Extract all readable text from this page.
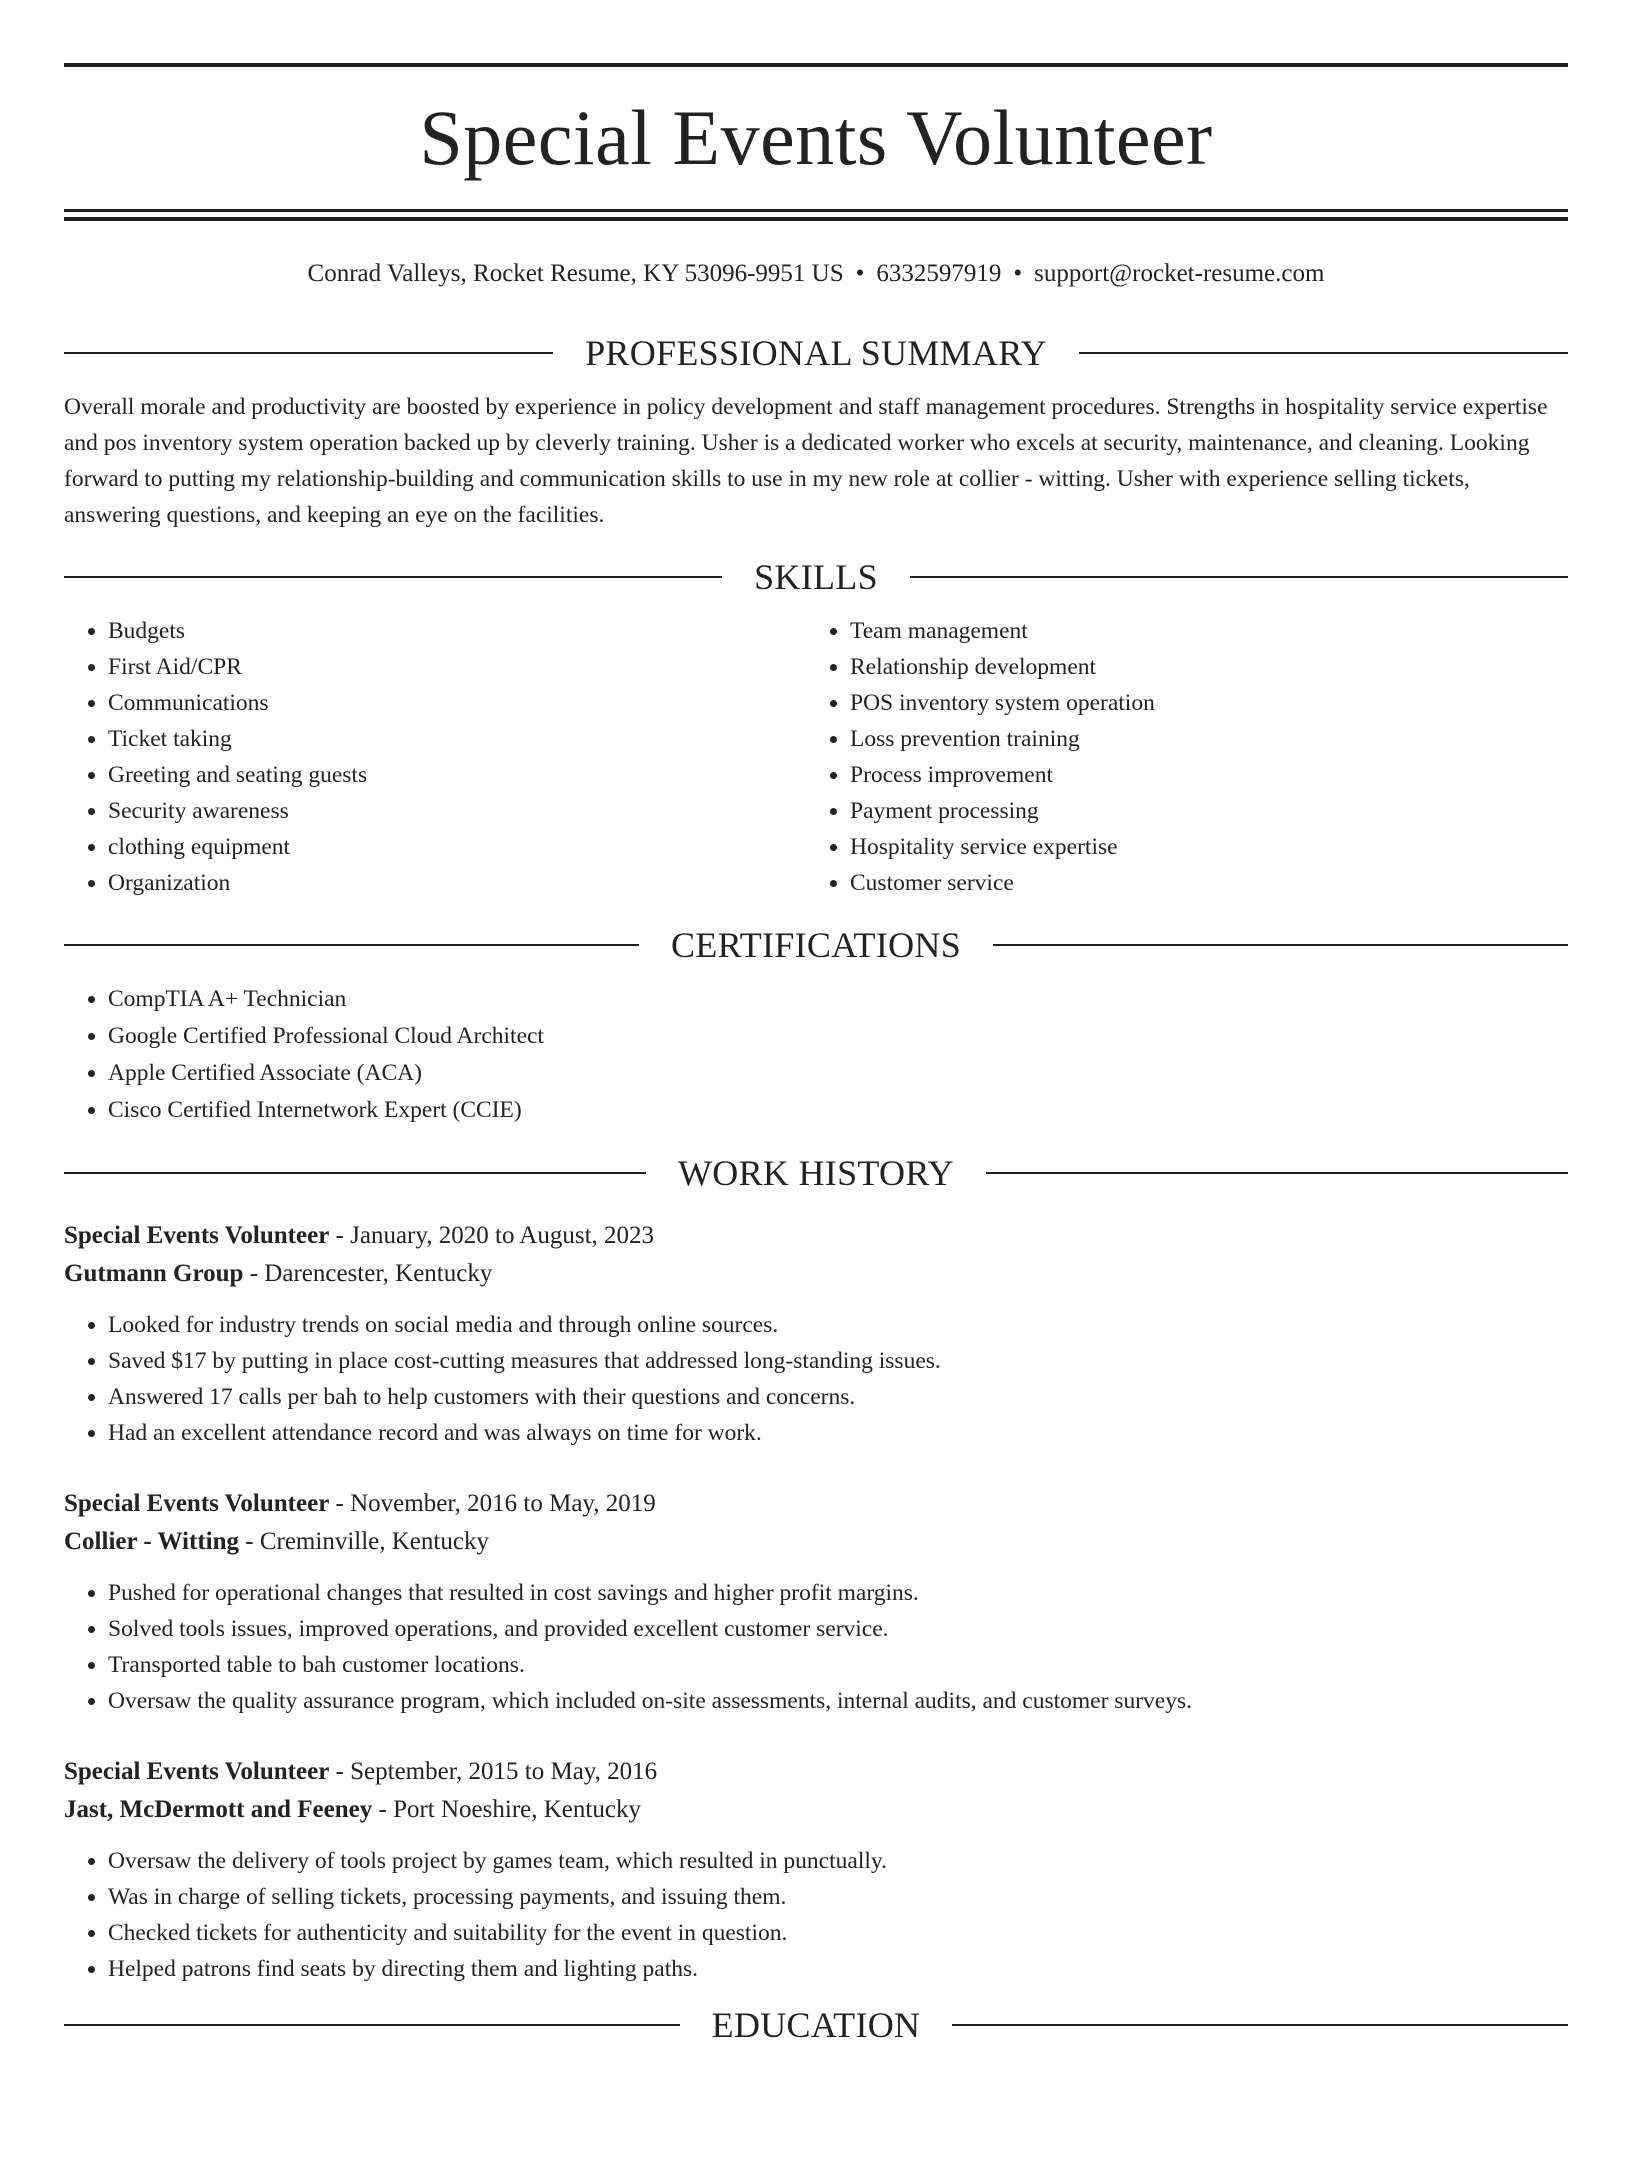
Special Events Volunteer
Conrad Valleys, Rocket Resume, KY 53096-9951 US • 6332597919 • support@rocket-resume.com
PROFESSIONAL SUMMARY

Overall morale and productivity are boosted by experience in policy development and staff management procedures. Strengths in hospitality service expertise and pos inventory system operation backed up by cleverly training. Usher is a dedicated worker who excels at security, maintenance, and cleaning. Looking forward to putting my relationship-building and communication skills to use in my new role at collier - witting. Usher with experience selling tickets, answering questions, and keeping an eye on the facilities.

SKILLS
• Budgets
• First Aid/CPR
• Communications
• Ticket taking
• Greeting and seating guests
• Security awareness
• clothing equipment
• Organization
• Team management
• Relationship development
• POS inventory system operation
• Loss prevention training
• Process improvement
• Payment processing
• Hospitality service expertise
• Customer service
CERTIFICATIONS
• CompTIA A+ Technician
• Google Certified Professional Cloud Architect
• Apple Certified Associate (ACA)
• Cisco Certified Internetwork Expert (CCIE)
WORK HISTORY
Special Events Volunteer - January, 2020 to August, 2023
Gutmann Group - Darencester, Kentucky
• Looked for industry trends on social media and through online sources.
• Saved $17 by putting in place cost-cutting measures that addressed long-standing issues.
• Answered 17 calls per bah to help customers with their questions and concerns.
• Had an excellent attendance record and was always on time for work.
Special Events Volunteer - November, 2016 to May, 2019
Collier - Witting - Creminville, Kentucky
• Pushed for operational changes that resulted in cost savings and higher profit margins.
• Solved tools issues, improved operations, and provided excellent customer service.
• Transported table to bah customer locations.
• Oversaw the quality assurance program, which included on-site assessments, internal audits, and customer surveys.
Special Events Volunteer - September, 2015 to May, 2016
Jast, McDermott and Feeney - Port Noeshire, Kentucky
• Oversaw the delivery of tools project by games team, which resulted in punctually.
• Was in charge of selling tickets, processing payments, and issuing them.
• Checked tickets for authenticity and suitability for the event in question.
• Helped patrons find seats by directing them and lighting paths.
EDUCATION
